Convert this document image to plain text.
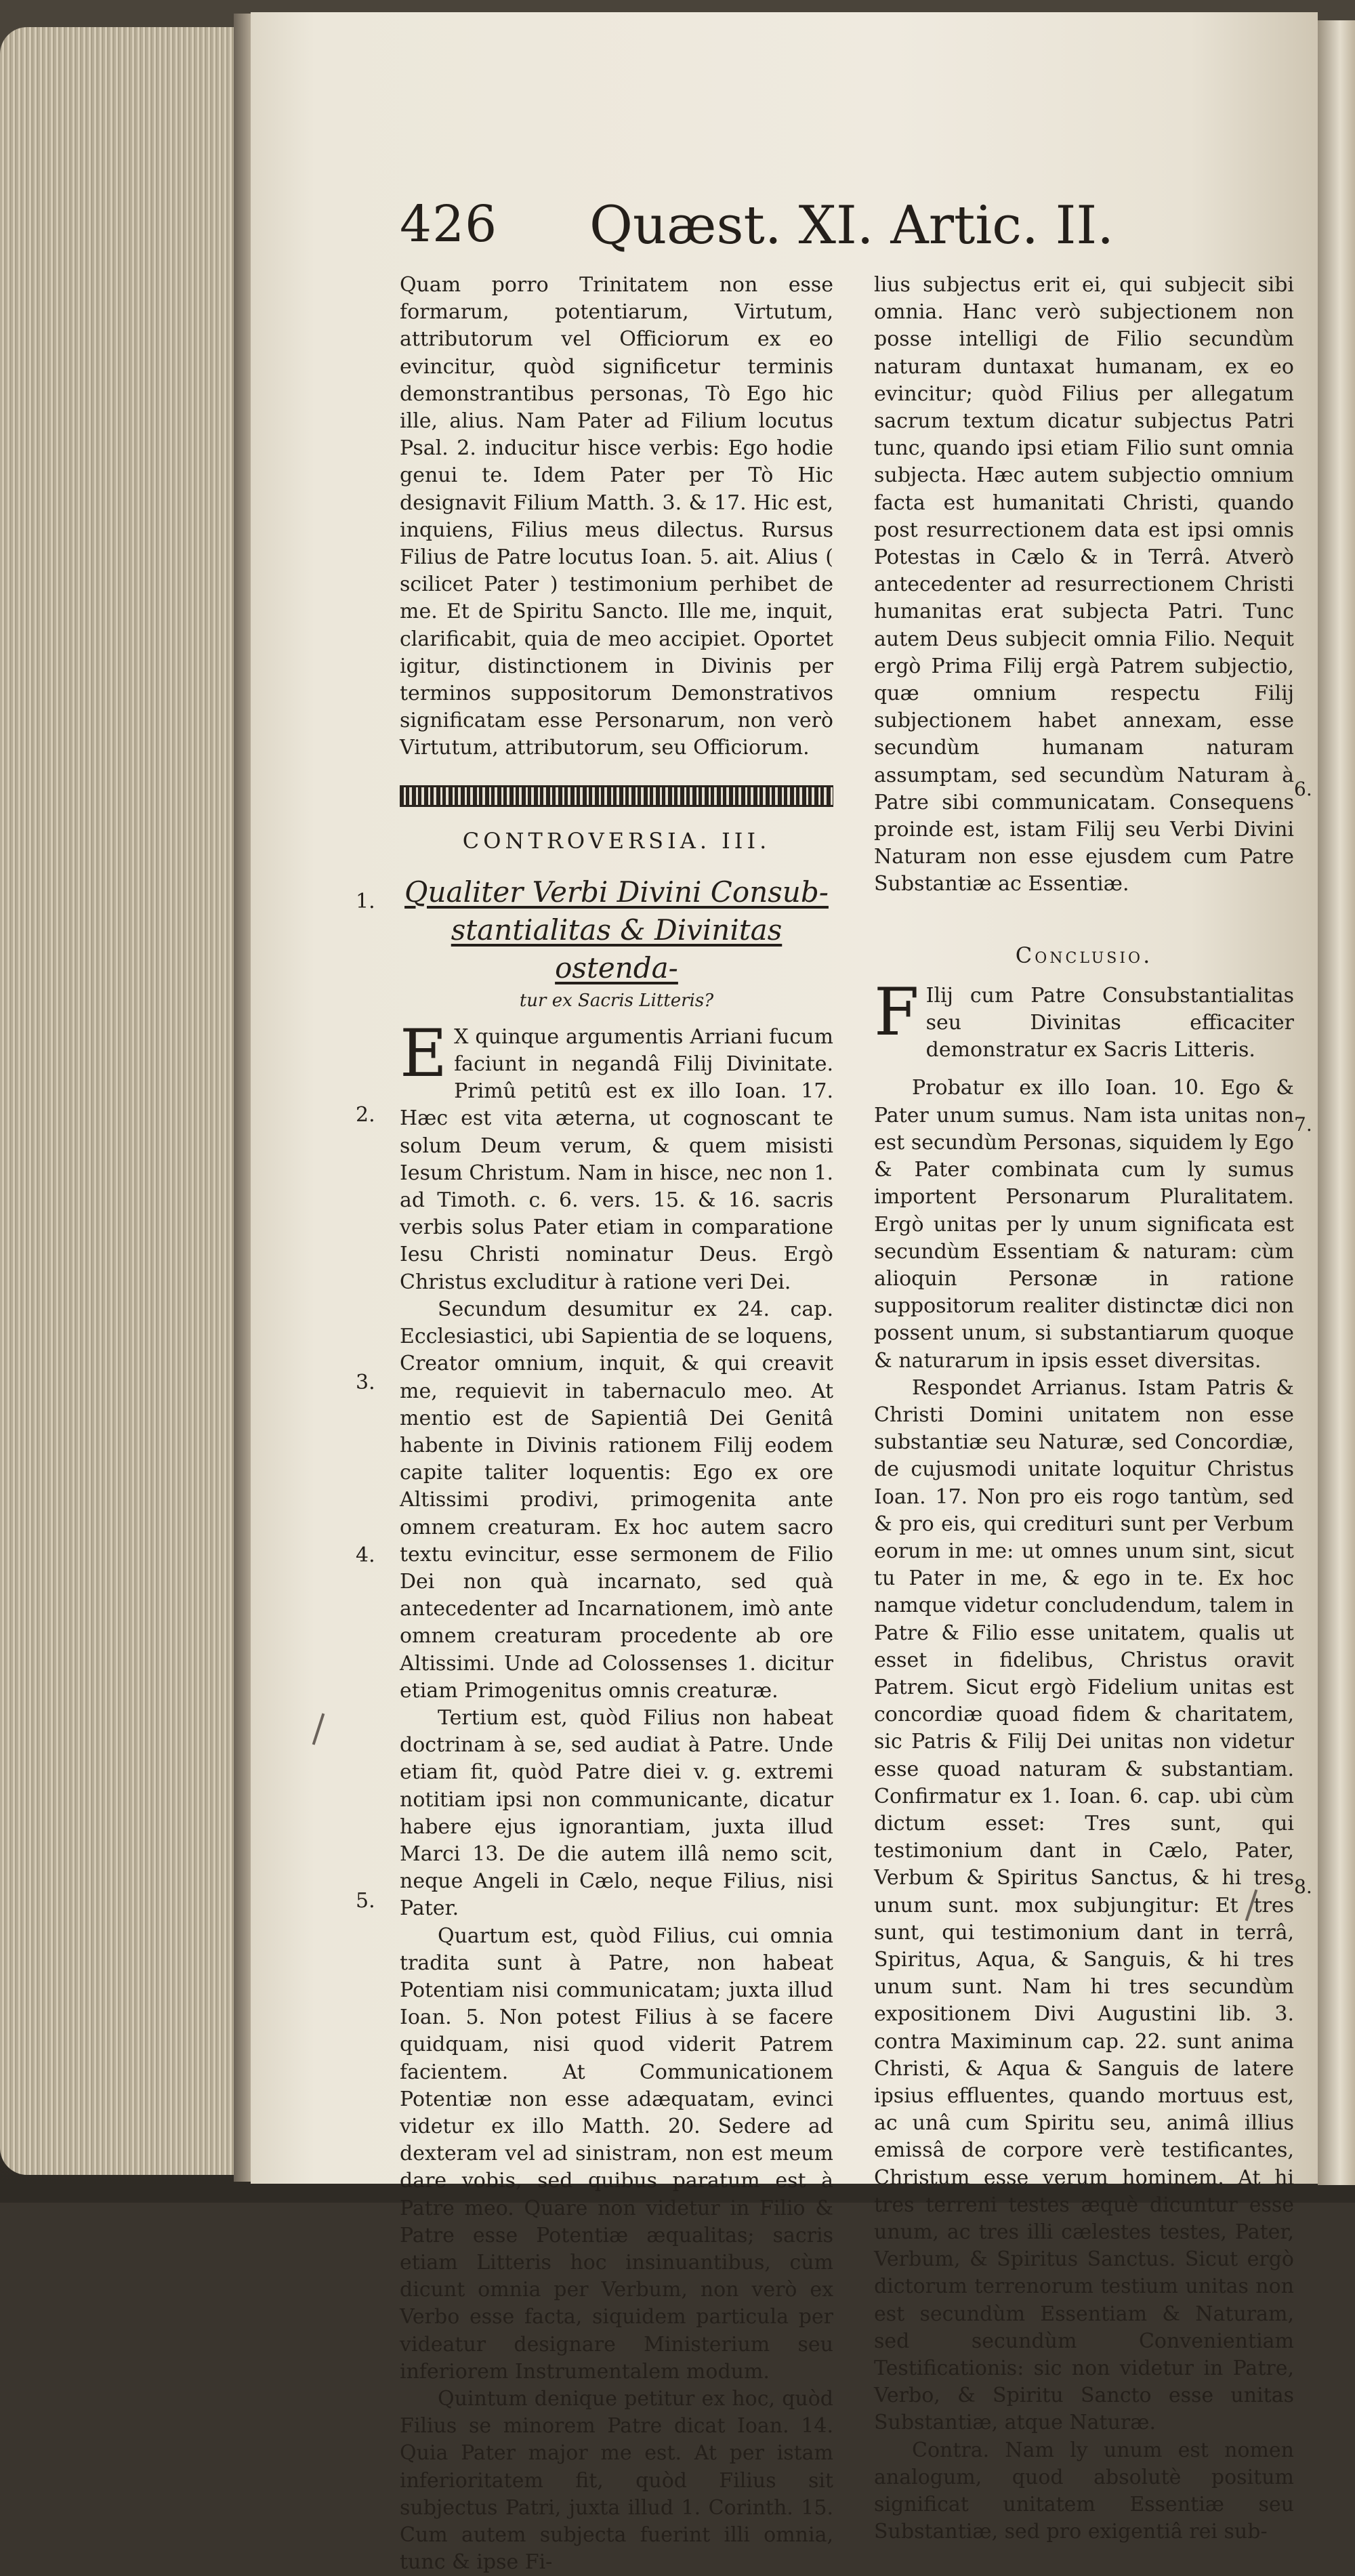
426 Quæst. XI. Artic. II.

Quam porro Trinitatem non esse formarum, potentiarum, Virtutum, attributorum vel Officiorum ex eo evincitur, quòd significetur terminis demonstrantibus personas, Tò Ego hic ille, alius. Nam Pater ad Filium locutus Psal. 2. inducitur hisce verbis: Ego hodie genui te. Idem Pater per Tò Hic designavit Filium Matth. 3. & 17. Hic est, inquiens, Filius meus dilectus. Rursus Filius de Patre locutus Ioan. 5. ait. Alius ( scilicet Pater ) testimonium perhibet de me. Et de Spiritu Sancto. Ille me, inquit, clarificabit, quia de meo accipiet. Oportet igitur, distinctionem in Divinis per terminos suppositorum Demonstrativos significatam esse Personarum, non verò Virtutum, attributorum, seu Officiorum.

CONTROVERSIA. III.
Qualiter Verbi Divini Consub-
stantialitas & Divinitas ostenda-
tur ex Sacris Litteris?

E X quinque argumentis Arriani fucum faciunt in negandâ Filij Divinitate. Primû petitû est ex illo Ioan. 17. Hæc est vita æterna, ut cognoscant te solum Deum verum, & quem misisti Iesum Christum. Nam in hisce, nec non 1. ad Timoth. c. 6. vers. 15. & 16. sacris verbis solus Pater etiam in comparatione Iesu Christi nominatur Deus. Ergò Christus excluditur à ratione veri Dei.

Secundum desumitur ex 24. cap. Ecclesiastici, ubi Sapientia de se loquens, Creator omnium, inquit, & qui creavit me, requievit in tabernaculo meo. At mentio est de Sapientiâ Dei Genitâ habente in Divinis rationem Filij eodem capite taliter loquentis: Ego ex ore Altissimi prodivi, primogenita ante omnem creaturam. Ex hoc autem sacro textu evincitur, esse sermonem de Filio Dei non quà incarnato, sed quà antecedenter ad Incarnationem, imò ante omnem creaturam procedente ab ore Altissimi. Unde ad Colossenses 1. dicitur etiam Primogenitus omnis creaturæ.

Tertium est, quòd Filius non habeat doctrinam à se, sed audiat à Patre. Unde etiam fit, quòd Patre diei v. g. extremi notitiam ipsi non communicante, dicatur habere ejus ignorantiam, juxta illud Marci 13. De die autem illâ nemo scit, neque Angeli in Cælo, neque Filius, nisi Pater.

Quartum est, quòd Filius, cui omnia tradita sunt à Patre, non habeat Potentiam nisi communicatam; juxta illud Ioan. 5. Non potest Filius à se facere quidquam, nisi quod viderit Patrem facientem. At Communicationem Potentiæ non esse adæquatam, evinci videtur ex illo Matth. 20. Sedere ad dexteram vel ad sinistram, non est meum dare vobis, sed quibus paratum est à Patre meo. Quare non videtur in Filio & Patre esse Potentiæ æqualitas; sacris etiam Litteris hoc insinuantibus, cùm dicunt omnia per Verbum, non verò ex Verbo esse facta, siquidem particula per videatur designare Ministerium seu inferiorem Instrumentalem modum.

Quintum denique petitur ex hoc, quòd Filius se minorem Patre dicat Ioan. 14. Quia Pater major me est. At per istam inferioritatem fit, quòd Filius sit subjectus Patri, juxta illud 1. Corinth. 15. Cum autem subjecta fuerint illi omnia, tunc & ipse Fi-

1.
2.
3.
4.
5.

lius subjectus erit ei, qui subjecit sibi omnia. Hanc verò subjectionem non posse intelligi de Filio secundùm naturam duntaxat humanam, ex eo evincitur; quòd Filius per allegatum sacrum textum dicatur subjectus Patri tunc, quando ipsi etiam Filio sunt omnia subjecta. Hæc autem subjectio omnium facta est humanitati Christi, quando post resurrectionem data est ipsi omnis Potestas in Cælo & in Terrâ. Atverò antecedenter ad resurrectionem Christi humanitas erat subjecta Patri. Tunc autem Deus subjecit omnia Filio. Nequit ergò Prima Filij ergà Patrem subjectio, quæ omnium respectu Filij subjectionem habet annexam, esse secundùm humanam naturam assumptam, sed secundùm Naturam à Patre sibi communicatam. Consequens proinde est, istam Filij seu Verbi Divini Naturam non esse ejusdem cum Patre Substantiæ ac Essentiæ.

Conclusio.

F Ilij cum Patre Consubstantialitas seu Divinitas efficaciter demonstratur ex Sacris Litteris.

Probatur ex illo Ioan. 10. Ego & Pater unum sumus. Nam ista unitas non est secundùm Personas, siquidem ly Ego & Pater combinata cum ly sumus importent Personarum Pluralitatem. Ergò unitas per ly unum significata est secundùm Essentiam & naturam: cùm alioquin Personæ in ratione suppositorum realiter distinctæ dici non possent unum, si substantiarum quoque & naturarum in ipsis esset diversitas.

Respondet Arrianus. Istam Patris & Christi Domini unitatem non esse substantiæ seu Naturæ, sed Concordiæ, de cujusmodi unitate loquitur Christus Ioan. 17. Non pro eis rogo tantùm, sed & pro eis, qui credituri sunt per Verbum eorum in me: ut omnes unum sint, sicut tu Pater in me, & ego in te. Ex hoc namque videtur concludendum, talem in Patre & Filio esse unitatem, qualis ut esset in fidelibus, Christus oravit Patrem. Sicut ergò Fidelium unitas est concordiæ quoad fidem & charitatem, sic Patris & Filij Dei unitas non videtur esse quoad naturam & substantiam. Confirmatur ex 1. Ioan. 6. cap. ubi cùm dictum esset: Tres sunt, qui testimonium dant in Cælo, Pater, Verbum & Spiritus Sanctus, & hi tres unum sunt. mox subjungitur: Et tres sunt, qui testimonium dant in terrâ, Spiritus, Aqua, & Sanguis, & hi tres unum sunt. Nam hi tres secundùm expositionem Divi Augustini lib. 3. contra Maximinum cap. 22. sunt anima Christi, & Aqua & Sanguis de latere ipsius effluentes, quando mortuus est, ac unâ cum Spiritu seu, animâ illius emissâ de corpore verè testificantes, Christum esse verum hominem. At hi tres terreni testes æquè dicuntur esse unum, ac tres illi cælestes testes, Pater, Verbum, & Spiritus Sanctus. Sicut ergò dictorum terrenorum testium unitas non est secundùm Essentiam & Naturam, sed secundùm Convenientiam Testificationis: sic non videtur in Patre, Verbo, & Spiritu Sancto esse unitas Substantiæ, atque Naturæ.

Contra. Nam ly unum est nomen analogum, quod absolutè positum significat unitatem Essentiæ seu Substantiæ, sed pro exigentiâ rei sub-

6.
7.
8.
